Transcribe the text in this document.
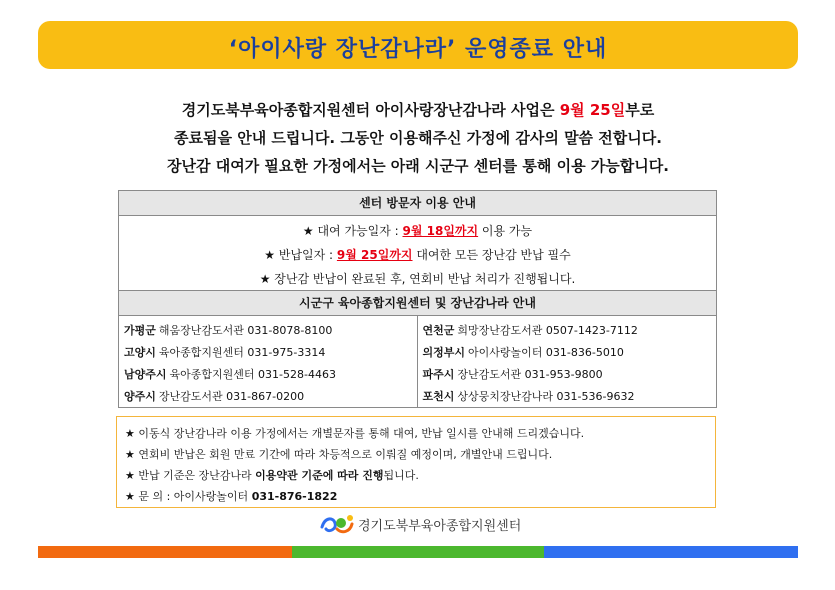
‘아이사랑 장난감나라’ 운영종료 안내
경기도북부육아종합지원센터 아이사랑장난감나라 사업은 9월 25일부로
종료됨을 안내 드립니다. 그동안 이용해주신 가정에 감사의 말씀 전합니다.
장난감 대여가 필요한 가정에서는 아래 시군구 센터를 통해 이용 가능합니다.
센터 방문자 이용 안내
★ 대여 가능일자 : 9월 18일까지 이용 가능
★ 반납일자 : 9월 25일까지 대여한 모든 장난감 반납 필수
★ 장난감 반납이 완료된 후, 연회비 반납 처리가 진행됩니다.
시군구 육아종합지원센터 및 장난감나라 안내
가평군 해움장난감도서관 031-8078-8100
고양시 육아종합지원센터 031-975-3314
남양주시 육아종합지원센터 031-528-4463
양주시 장난감도서관 031-867-0200
연천군 희망장난감도서관 0507-1423-7112
의정부시 아이사랑놀이터 031-836-5010
파주시 장난감도서관 031-953-9800
포천시 상상뭉치장난감나라 031-536-9632
★ 이동식 장난감나라 이용 가정에서는 개별문자를 통해 대여, 반납 일시를 안내해 드리겠습니다.
★ 연회비 반납은 회원 만료 기간에 따라 차등적으로 이뤄질 예정이며, 개별안내 드립니다.
★ 반납 기준은 장난감나라 이용약관 기준에 따라 진행됩니다.
★ 문 의 : 아이사랑놀이터 031-876-1822
경기도북부육아종합지원센터
